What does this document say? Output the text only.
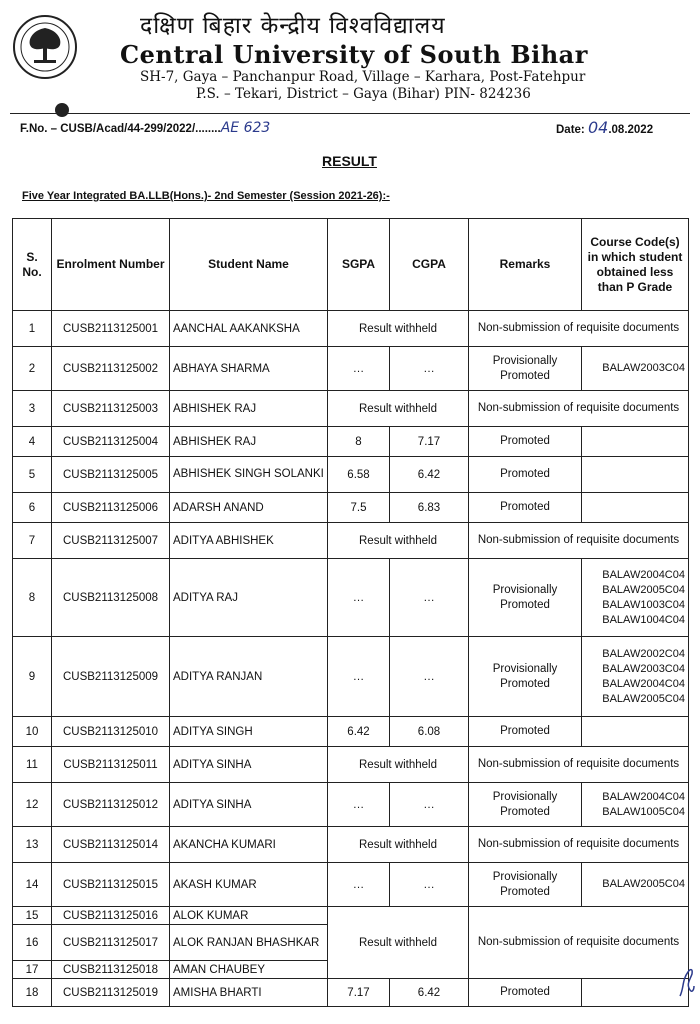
दक्षिण बिहार केन्द्रीय विश्वविद्यालय
Central University of South Bihar
SH-7, Gaya – Panchanpur Road, Village – Karhara, Post-Fatehpur
P.S. – Tekari, District – Gaya (Bihar) PIN- 824236
F.No. – CUSB/Acad/44-299/2022/........AE 623	Date: 04.08.2022
RESULT
Five Year Integrated BA.LLB(Hons.)- 2nd Semester (Session 2021-26):-
S. No.	Enrolment Number	Student Name	SGPA	CGPA	Remarks	Course Code(s) in which student obtained less than P Grade
1	CUSB2113125001	AANCHAL AAKANKSHA	Result withheld		Non-submission of requisite documents	
2	CUSB2113125002	ABHAYA SHARMA	…	…	Provisionally Promoted	BALAW2003C04
3	CUSB2113125003	ABHISHEK RAJ	Result withheld		Non-submission of requisite documents	
4	CUSB2113125004	ABHISHEK RAJ	8	7.17	Promoted	
5	CUSB2113125005	ABHISHEK SINGH SOLANKI	6.58	6.42	Promoted	
6	CUSB2113125006	ADARSH ANAND	7.5	6.83	Promoted	
7	CUSB2113125007	ADITYA ABHISHEK	Result withheld		Non-submission of requisite documents	
8	CUSB2113125008	ADITYA RAJ	…	…	Provisionally Promoted	BALAW2004C04 BALAW2005C04 BALAW1003C04 BALAW1004C04
9	CUSB2113125009	ADITYA RANJAN	…	…	Provisionally Promoted	BALAW2002C04 BALAW2003C04 BALAW2004C04 BALAW2005C04
10	CUSB2113125010	ADITYA SINGH	6.42	6.08	Promoted	
11	CUSB2113125011	ADITYA SINHA	Result withheld		Non-submission of requisite documents	
12	CUSB2113125012	ADITYA SINHA	…	…	Provisionally Promoted	BALAW2004C04 BALAW1005C04
13	CUSB2113125014	AKANCHA KUMARI	Result withheld		Non-submission of requisite documents	
14	CUSB2113125015	AKASH KUMAR	…	…	Provisionally Promoted	BALAW2005C04
15	CUSB2113125016	ALOK KUMAR	Result withheld		Non-submission of requisite documents	
16	CUSB2113125017	ALOK RANJAN BHASHKAR				
17	CUSB2113125018	AMAN CHAUBEY				
18	CUSB2113125019	AMISHA BHARTI	7.17	6.42	Promoted	
